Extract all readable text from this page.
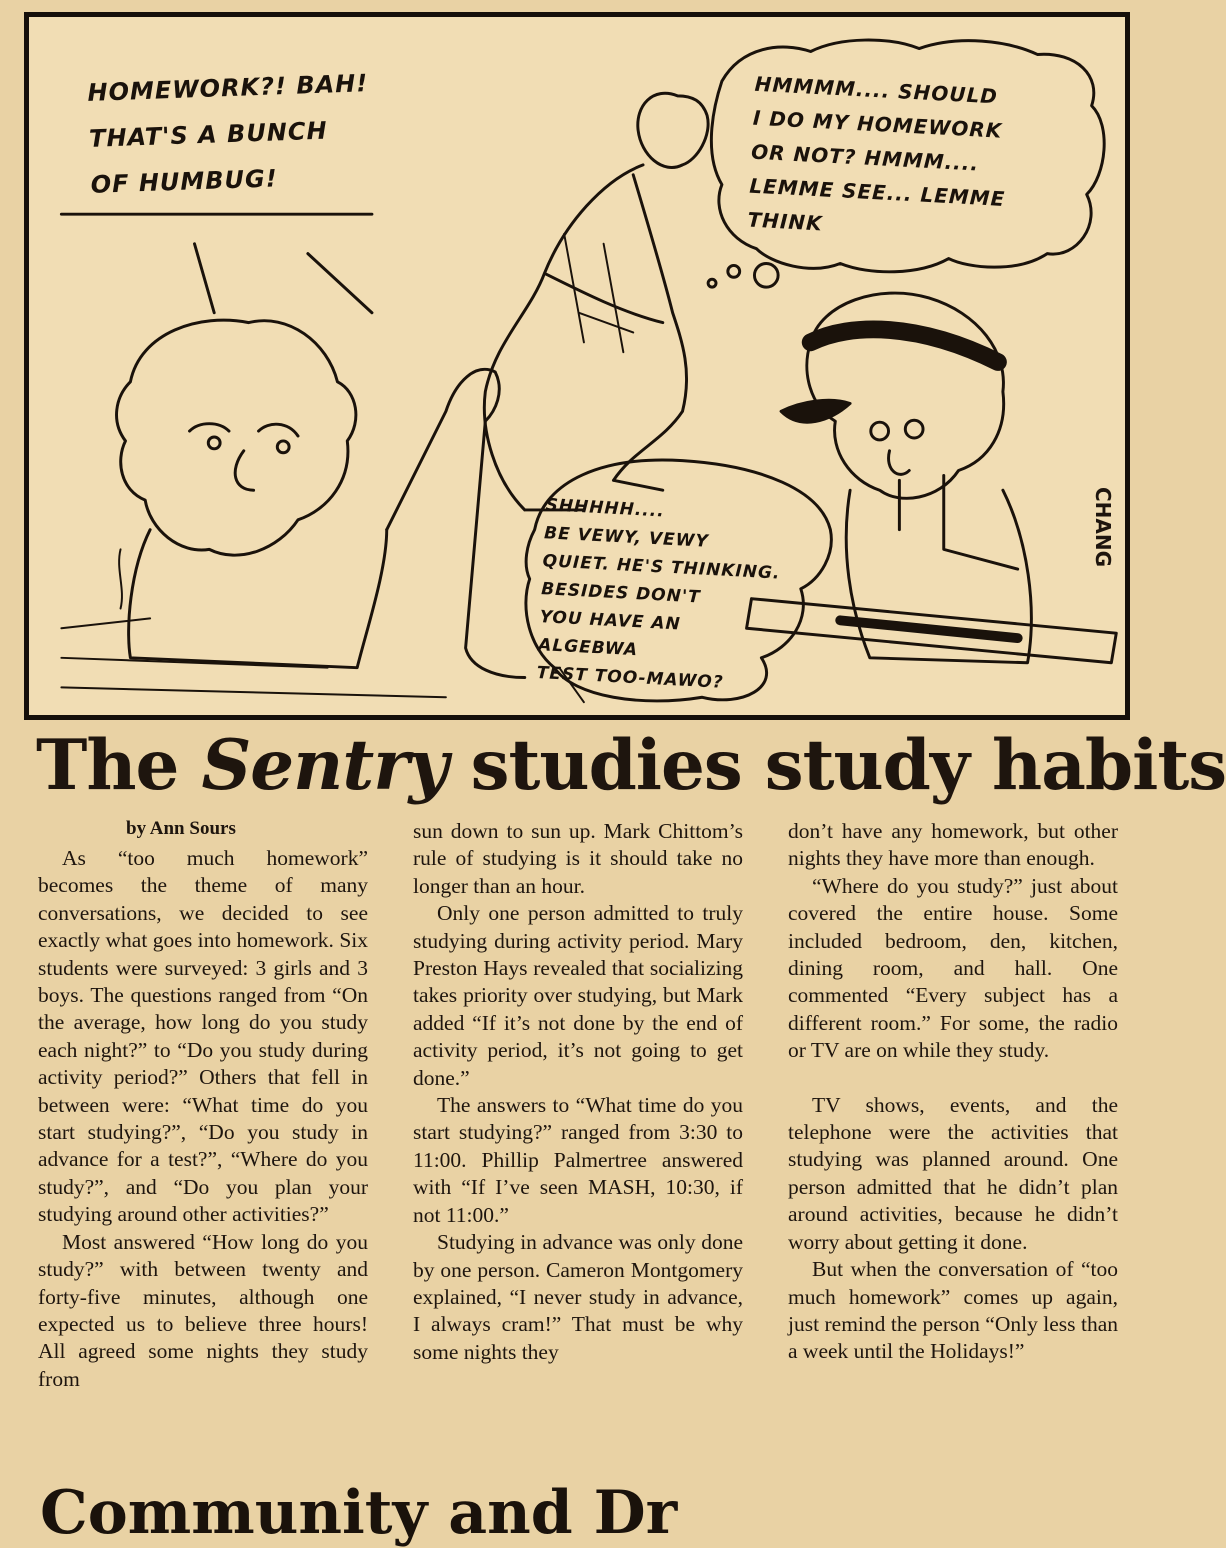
HOMEWORK?! BAH!
THAT'S A BUNCH
OF HUMBUG!
HMMMM.... SHOULD
I DO MY HOMEWORK
OR NOT? HMMM....
LEMME SEE... LEMME
THINK
SHHHHH....
BE VEWY, VEWY
QUIET. HE'S THINKING.
BESIDES DON'T
YOU HAVE AN
ALGEBWA
TEST TOO-MAWO?
CHANG
The Sentry studies study habits
by Ann Sours

As “too much homework” becomes the theme of many conversations, we decided to see exactly what goes into homework. Six students were surveyed: 3 girls and 3 boys. The questions ranged from “On the average, how long do you study each night?” to “Do you study during activity period?” Others that fell in between were: “What time do you start studying?”, “Do you study in advance for a test?”, “Where do you study?”, and “Do you plan your studying around other activities?”

Most answered “How long do you study?” with between twenty and forty-five minutes, although one expected us to believe three hours! All agreed some nights they study from

sun down to sun up. Mark Chittom’s rule of studying is it should take no longer than an hour.

Only one person admitted to truly studying during activity period. Mary Preston Hays revealed that socializing takes priority over studying, but Mark added “If it’s not done by the end of activity period, it’s not going to get done.”

The answers to “What time do you start studying?” ranged from 3:30 to 11:00. Phillip Palmertree answered with “If I’ve seen MASH, 10:30, if not 11:00.”

Studying in advance was only done by one person. Cameron Montgomery explained, “I never study in advance, I always cram!” That must be why some nights they

don’t have any homework, but other nights they have more than enough.

“Where do you study?” just about covered the entire house. Some included bedroom, den, kitchen, dining room, and hall. One commented “Every subject has a different room.” For some, the radio or TV are on while they study.

TV shows, events, and the telephone were the activities that studying was planned around. One person admitted that he didn’t plan around activities, because he didn’t worry about getting it done.

But when the conversation of “too much homework” comes up again, just remind the person “Only less than a week until the Holidays!”

Community and Dr
